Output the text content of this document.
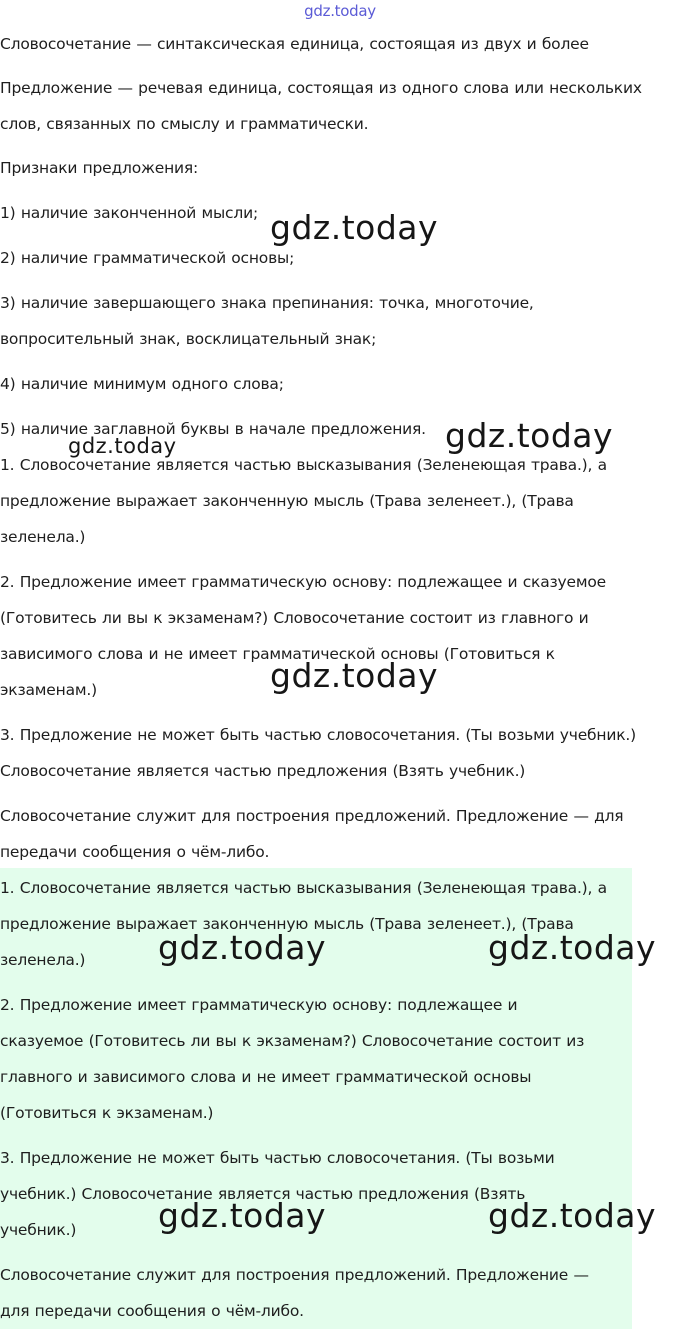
gdz.today

Словосочетание — синтаксическая единица, состоящая из двух и более

Предложение — речевая единица, состоящая из одного слова или нескольких

слов, связанных по смыслу и грамматически.

Признаки предложения:

1) наличие законченной мысли;

2) наличие грамматической основы;

3) наличие завершающего знака препинания: точка, многоточие,

вопросительный знак, восклицательный знак;

4) наличие минимум одного слова;

5) наличие заглавной буквы в начале предложения.

1. Словосочетание является частью высказывания (Зеленеющая трава.), а

предложение выражает законченную мысль (Трава зеленеет.), (Трава

зеленела.)

2. Предложение имеет грамматическую основу: подлежащее и сказуемое

(Готовитесь ли вы к экзаменам?) Словосочетание состоит из главного и

зависимого слова и не имеет грамматической основы (Готовиться к

экзаменам.)

3. Предложение не может быть частью словосочетания. (Ты возьми учебник.)

Словосочетание является частью предложения (Взять учебник.)

Словосочетание служит для построения предложений. Предложение — для

передачи сообщения о чём-либо.

1. Словосочетание является частью высказывания (Зеленеющая трава.), а

предложение выражает законченную мысль (Трава зеленеет.), (Трава

зеленела.)

2. Предложение имеет грамматическую основу: подлежащее и

сказуемое (Готовитесь ли вы к экзаменам?) Словосочетание состоит из

главного и зависимого слова и не имеет грамматической основы

(Готовиться к экзаменам.)

3. Предложение не может быть частью словосочетания. (Ты возьми

учебник.) Словосочетание является частью предложения (Взять

учебник.)

Словосочетание служит для построения предложений. Предложение —

для передачи сообщения о чём-либо.

gdz.today
gdz.today
gdz.today
gdz.today
gdz.today	gdz.today
gdz.today	gdz.today
